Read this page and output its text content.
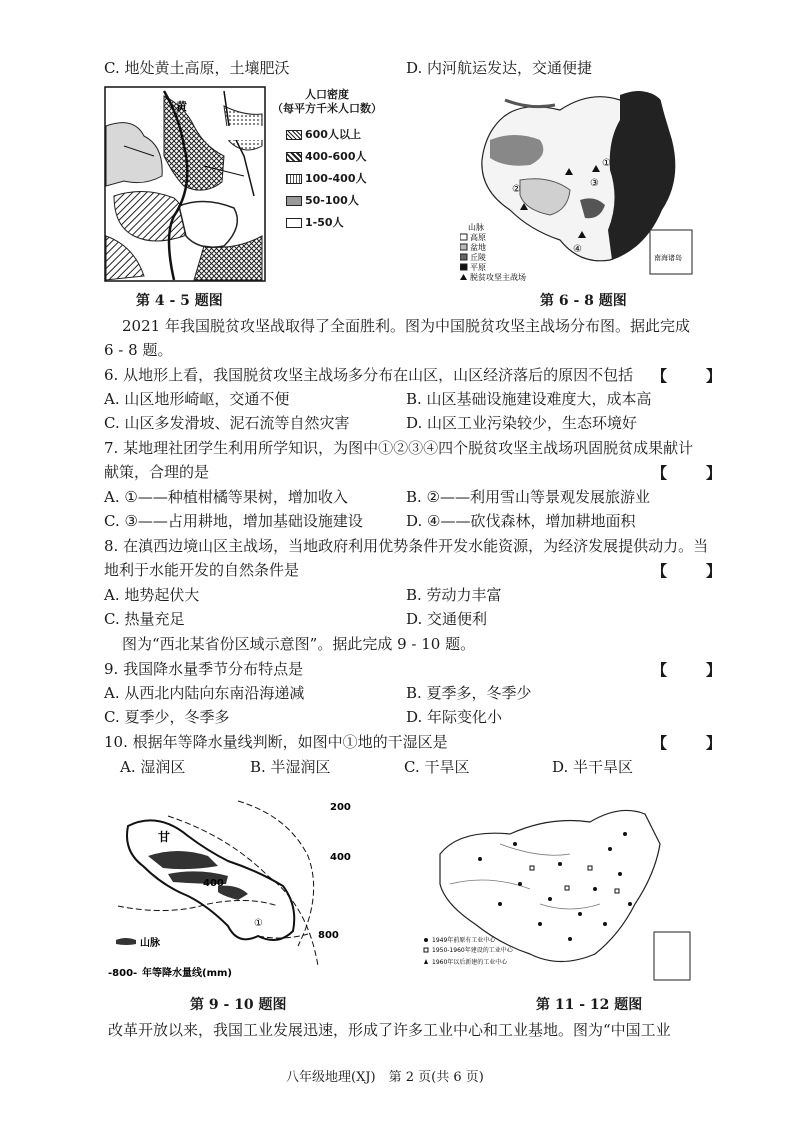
C. 地处黄土高原，土壤肥沃	D. 内河航运发达，交通便捷
黄
人口密度
（每平方千米人口数）
600人以上
400-600人
100-400人
50-100人
1-50人
南海诸岛
②
③
①
④
山脉
高原
盆地
丘陵
平原
脱贫攻坚主战场
第 4 - 5 题图	第 6 - 8 题图
2021 年我国脱贫攻坚战取得了全面胜利。图为中国脱贫攻坚主战场分布图。据此完成
6 - 8 题。
6. 从地形上看，我国脱贫攻坚主战场多分布在山区，山区经济落后的原因不包括 【　】
A. 山区地形崎岖，交通不便	B. 山区基础设施建设难度大，成本高
C. 山区多发滑坡、泥石流等自然灾害	D. 山区工业污染较少，生态环境好
7. 某地理社团学生利用所学知识，为图中①②③④四个脱贫攻坚主战场巩固脱贫成果献计
献策，合理的是	【　】
A. ①——种植柑橘等果树，增加收入	B. ②——利用雪山等景观发展旅游业
C. ③——占用耕地，增加基础设施建设	D. ④——砍伐森林，增加耕地面积
8. 在滇西边境山区主战场，当地政府利用优势条件开发水能资源，为经济发展提供动力。当
地利于水能开发的自然条件是	【　】
A. 地势起伏大	B. 劳动力丰富
C. 热量充足	D. 交通便利
图为“西北某省份区域示意图”。据此完成 9 - 10 题。
9. 我国降水量季节分布特点是	【　】
A. 从西北内陆向东南沿海递减	B. 夏季多，冬季少
C. 夏季少，冬季多	D. 年际变化小
10. 根据年等降水量线判断，如图中①地的干湿区是	【　】
A. 湿润区	B. 半湿润区	C. 干旱区	D. 半干旱区
甘
①
200
400
400
800
山脉
-800- 年等降水量线(mm)
1949年前原有工业中心
1950-1960年建设的工业中心
1960年以后新建的工业中心
第 9 - 10 题图	第 11 - 12 题图
改革开放以来，我国工业发展迅速，形成了许多工业中心和工业基地。图为“中国工业
八年级地理(XJ)　第 2 页(共 6 页)
